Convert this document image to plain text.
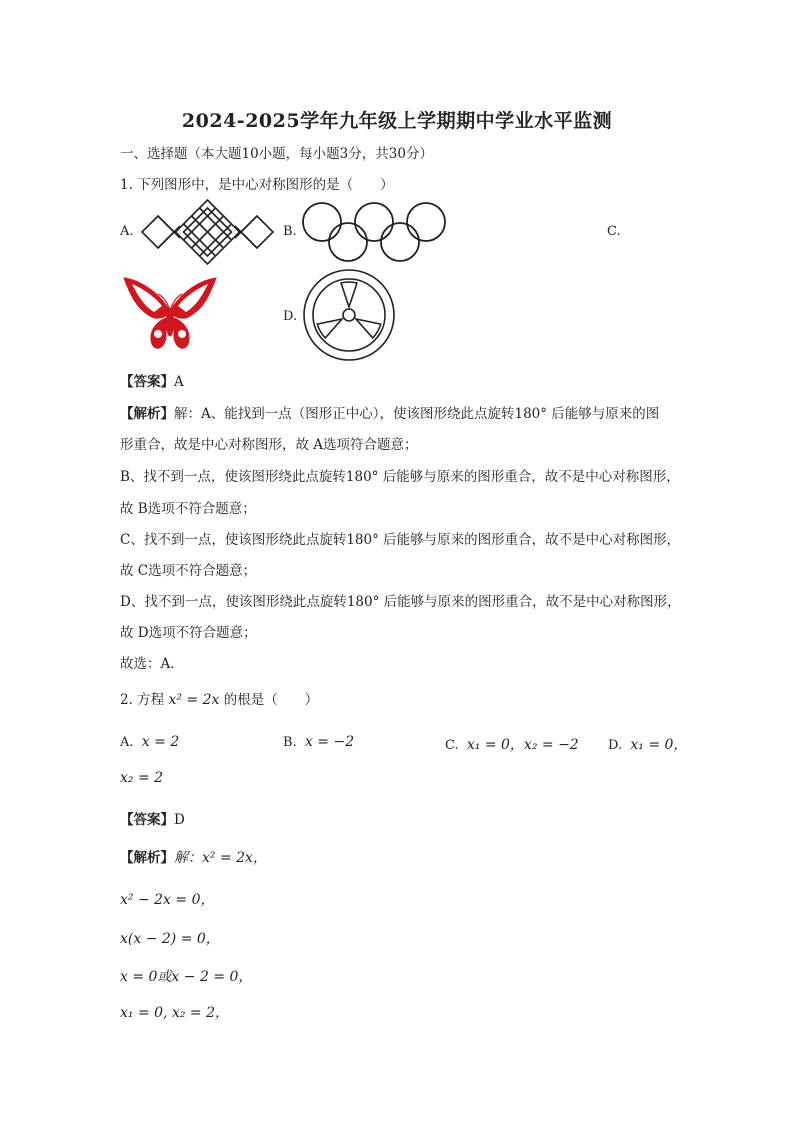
2024-2025学年九年级上学期期中学业水平监测
一、选择题（本大题10小题，每小题3分，共30分）
1. 下列图形中，是中心对称图形的是（　　）
A.	B.	C.
D.
【答案】A
【解析】解：A、能找到一点（图形正中心），使该图形绕此点旋转180° 后能够与原来的图
形重合，故是中心对称图形，故 A选项符合题意；
B、找不到一点，使该图形绕此点旋转180° 后能够与原来的图形重合，故不是中心对称图形，
故 B选项不符合题意；
C、找不到一点，使该图形绕此点旋转180° 后能够与原来的图形重合，故不是中心对称图形，
故 C选项不符合题意；
D、找不到一点，使该图形绕此点旋转180° 后能够与原来的图形重合，故不是中心对称图形，
故 D选项不符合题意；
故选：A．
2. 方程 x² = 2x 的根是（　　）
A. x = 2	B. x = −2	C. x₁ = 0，x₂ = −2 D. x₁ = 0，
x₂ = 2
【答案】D
【解析】解：x² = 2x，
x² − 2x = 0，
x(x − 2) = 0，
x = 0或x − 2 = 0，
x₁ = 0, x₂ = 2，
